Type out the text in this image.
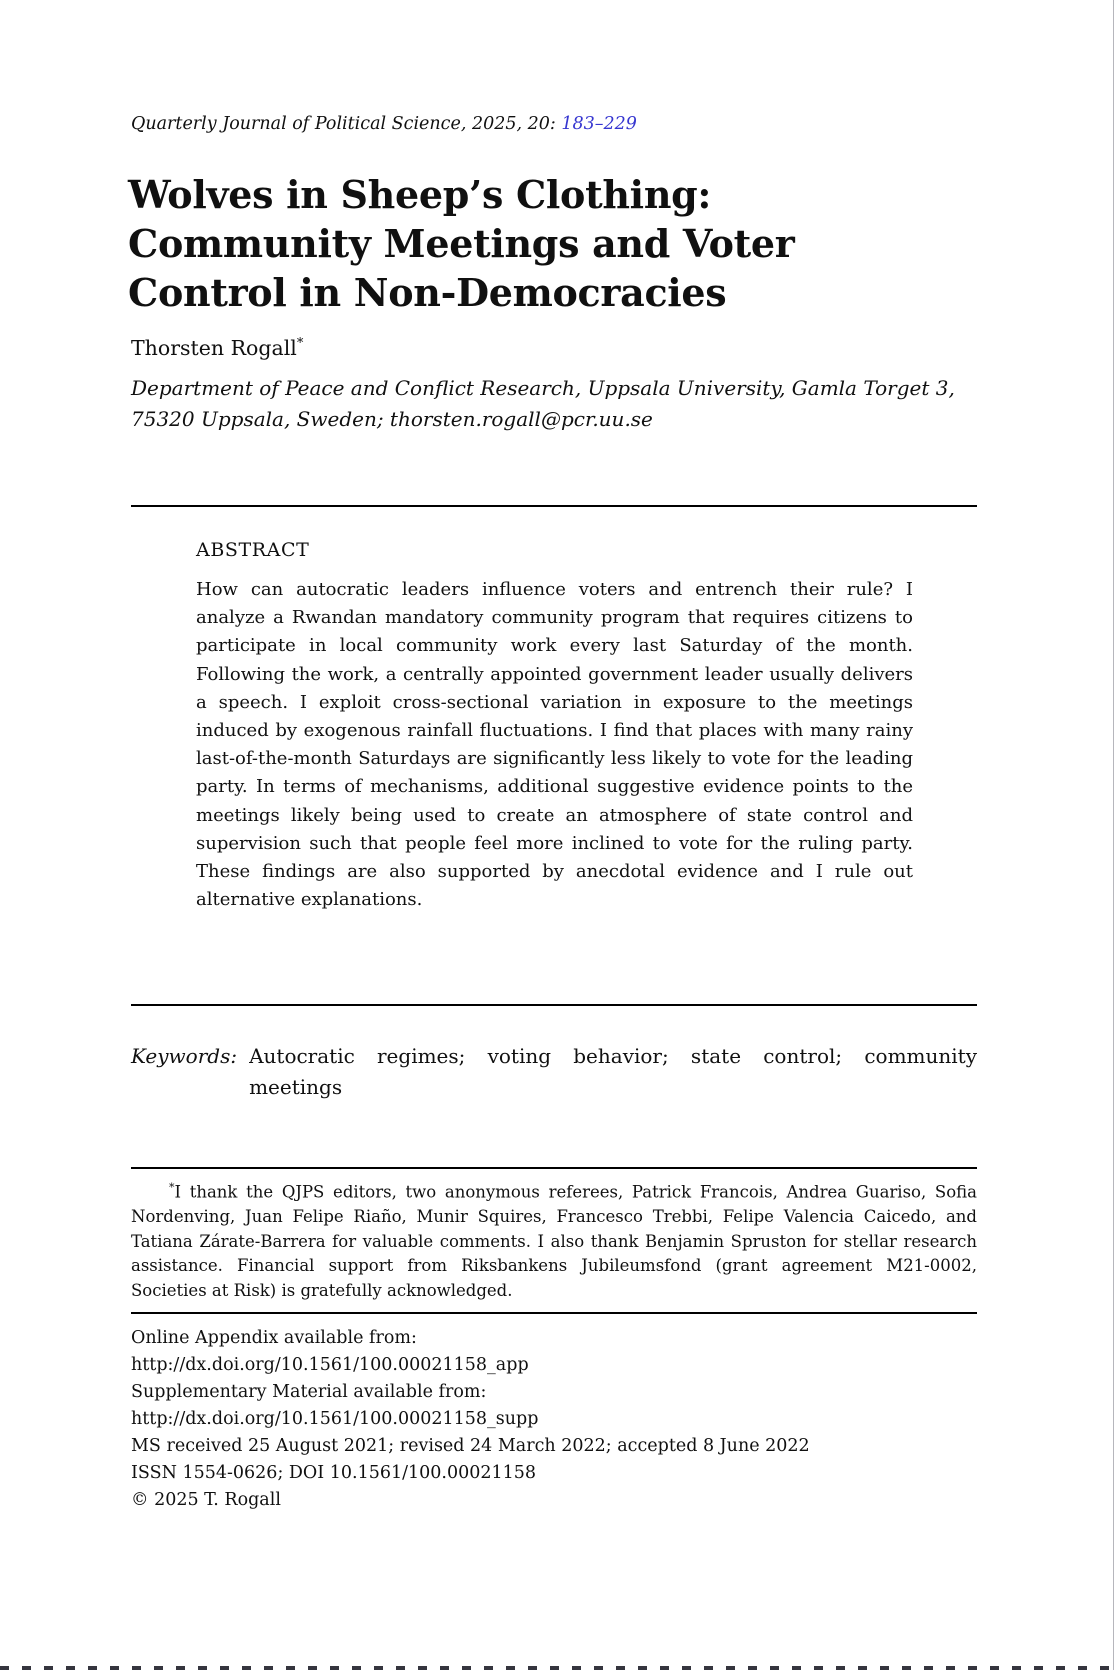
Quarterly Journal of Political Science, 2025, 20: 183–229
Wolves in Sheep’s Clothing:
Community Meetings and Voter
Control in Non-Democracies
Thorsten Rogall*
Department of Peace and Conflict Research, Uppsala University, Gamla Torget 3, 75320 Uppsala, Sweden; thorsten.rogall@pcr.uu.se
ABSTRACT
How can autocratic leaders influence voters and entrench their rule? I analyze a Rwandan mandatory community program that requires citizens to participate in local community work every last Saturday of the month. Following the work, a centrally appointed government leader usually delivers a speech. I exploit cross-sectional variation in exposure to the meetings induced by exogenous rainfall fluctuations. I find that places with many rainy last-of-the-month Saturdays are significantly less likely to vote for the leading party. In terms of mechanisms, additional suggestive evidence points to the meetings likely being used to create an atmosphere of state control and supervision such that people feel more inclined to vote for the ruling party. These findings are also supported by anecdotal evidence and I rule out alternative explanations.
Keywords: Autocratic regimes; voting behavior; state control; community meetings
*I thank the QJPS editors, two anonymous referees, Patrick Francois, Andrea Guariso, Sofia Nordenving, Juan Felipe Riaño, Munir Squires, Francesco Trebbi, Felipe Valencia Caicedo, and Tatiana Zárate-Barrera for valuable comments. I also thank Benjamin Spruston for stellar research assistance. Financial support from Riksbankens Jubileumsfond (grant agreement M21-0002, Societies at Risk) is gratefully acknowledged.
Online Appendix available from:
http://dx.doi.org/10.1561/100.00021158_app
Supplementary Material available from:
http://dx.doi.org/10.1561/100.00021158_supp
MS received 25 August 2021; revised 24 March 2022; accepted 8 June 2022
ISSN 1554-0626; DOI 10.1561/100.00021158
© 2025 T. Rogall
